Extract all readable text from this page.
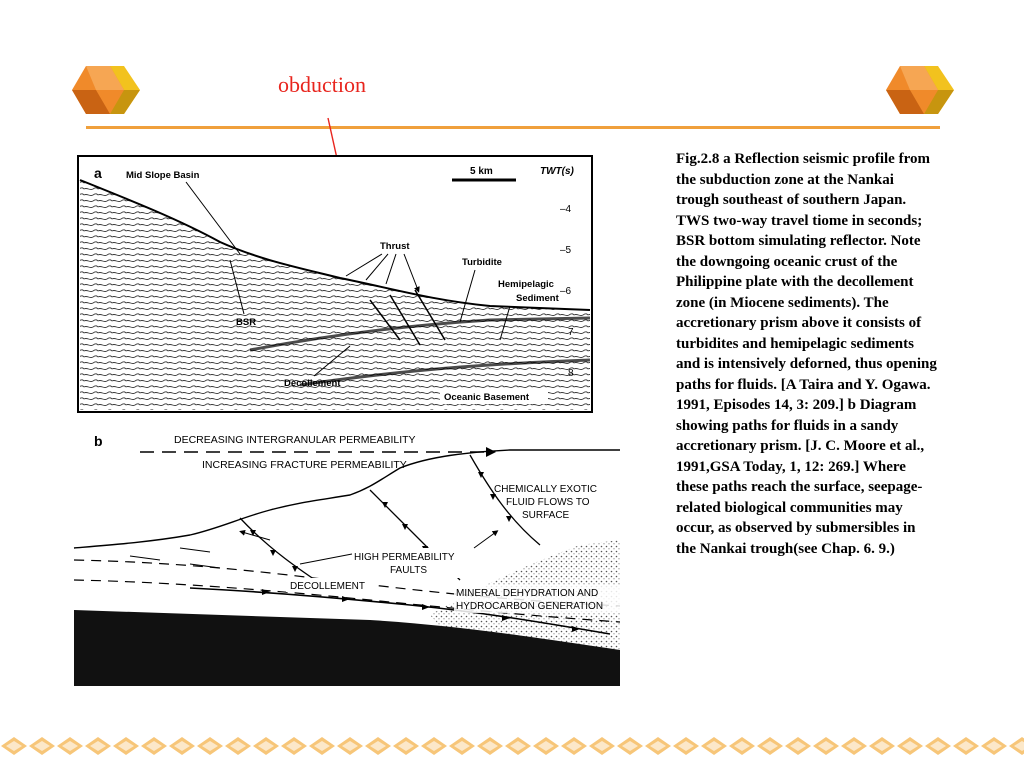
obduction
a	Mid Slope Basin	5 km	TWT(s)
–4
–5
–6
7
8
Thrust
Turbidite
Hemipelagic
Sediment
BSR
Decollement
Oceanic Basement
b	DECREASING INTERGRANULAR PERMEABILITY
INCREASING FRACTURE PERMEABILITY
CHEMICALLY EXOTIC
FLUID FLOWS TO
SURFACE
HIGH PERMEABILITY
FAULTS
DECOLLEMENT
MINERAL DEHYDRATION AND
HYDROCARBON GENERATION
Fig.2.8 a Reflection seismic profile from the subduction zone at the Nankai trough southeast of southern Japan. TWS two-way travel tiome in seconds; BSR bottom simulating reflector. Note the downgoing oceanic crust of the Philippine plate with the decollement zone (in Miocene sediments). The accretionary prism above it consists of turbidites and hemipelagic sediments and is intensively deforned, thus opening paths for fluids. [A Taira and Y. Ogawa. 1991, Episodes 14, 3: 209.] b Diagram showing paths for fluids in a sandy accretionary prism. [J. C. Moore et al., 1991,GSA Today, 1, 12: 269.] Where these paths reach the surface, seepage-related biological communities may occur, as observed by submersibles in the Nankai trough(see Chap. 6. 9.)
